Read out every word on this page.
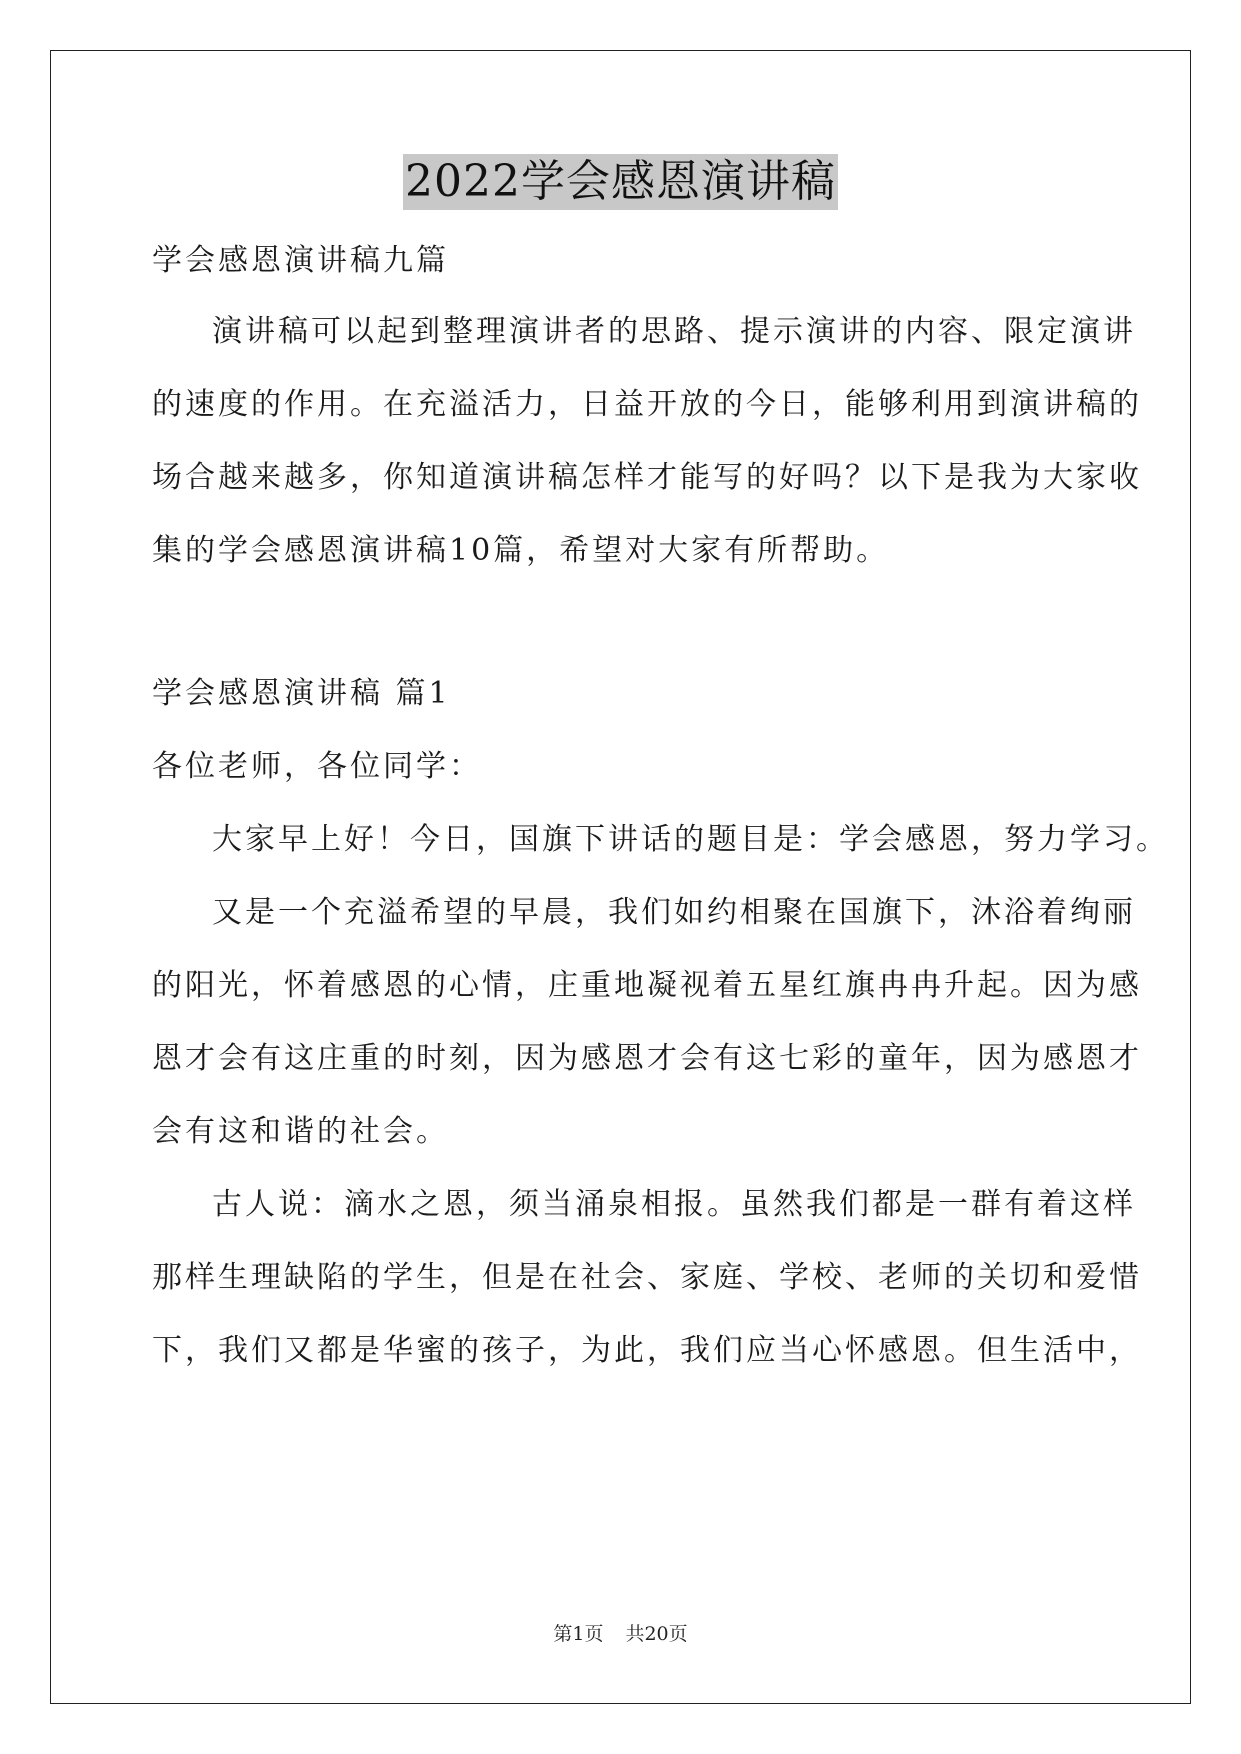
2022学会感恩演讲稿
学会感恩演讲稿九篇
演讲稿可以起到整理演讲者的思路、提示演讲的内容、限定演讲
的速度的作用。在充溢活力，日益开放的今日，能够利用到演讲稿的
场合越来越多，你知道演讲稿怎样才能写的好吗？以下是我为大家收
集的学会感恩演讲稿10篇，希望对大家有所帮助。
学会感恩演讲稿 篇1
各位老师，各位同学：
大家早上好！今日，国旗下讲话的题目是：学会感恩，努力学习。
又是一个充溢希望的早晨，我们如约相聚在国旗下，沐浴着绚丽
的阳光，怀着感恩的心情，庄重地凝视着五星红旗冉冉升起。因为感
恩才会有这庄重的时刻，因为感恩才会有这七彩的童年，因为感恩才
会有这和谐的社会。
古人说：滴水之恩，须当涌泉相报。虽然我们都是一群有着这样
那样生理缺陷的学生，但是在社会、家庭、学校、老师的关切和爱惜
下，我们又都是华蜜的孩子，为此，我们应当心怀感恩。但生活中，
第1页 共20页
